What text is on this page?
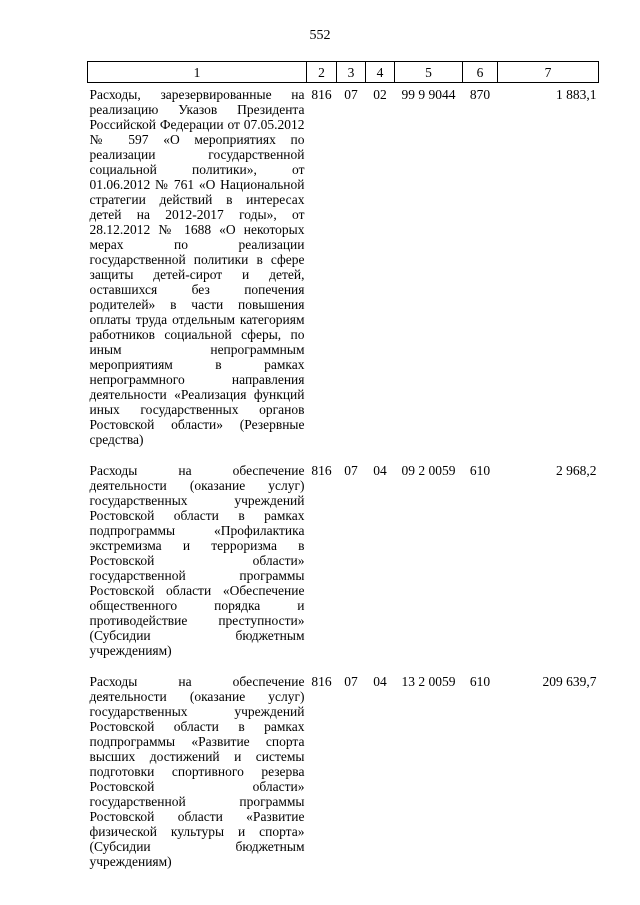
552
1	2	3	4	5	6	7
Расходы, зарезервированные на реализацию Указов Президента Российской Федерации от 07.05.2012 № 597 «О мероприятиях по реализации государственной социальной политики», от 01.06.2012 № 761 «О Национальной стратегии действий в интересах детей на 2012-2017 годы», от 28.12.2012 № 1688 «О некоторых мерах по реализации государственной политики в сфере защиты детей-сирот и детей, оставшихся без попечения родителей» в части повышения оплаты труда отдельным категориям работников социальной сферы, по иным непрограммным мероприятиям в рамках непрограммного направления деятельности «Реализация функций иных государственных органов Ростовской области» (Резервные средства)	816	07	02	99 9 9044	870	1 883,1
Расходы на обеспечение деятельности (оказание услуг) государственных учреждений Ростовской области в рамках подпрограммы «Профилактика экстремизма и терроризма в Ростовской области» государственной программы Ростовской области «Обеспечение общественного порядка и противодействие преступности» (Субсидии бюджетным учреждениям)	816	07	04	09 2 0059	610	2 968,2
Расходы на обеспечение деятельности (оказание услуг) государственных учреждений Ростовской области в рамках подпрограммы «Развитие спорта высших достижений и системы подготовки спортивного резерва Ростовской области» государственной программы Ростовской области «Развитие физической культуры и спорта» (Субсидии бюджетным учреждениям)	816	07	04	13 2 0059	610	209 639,7
